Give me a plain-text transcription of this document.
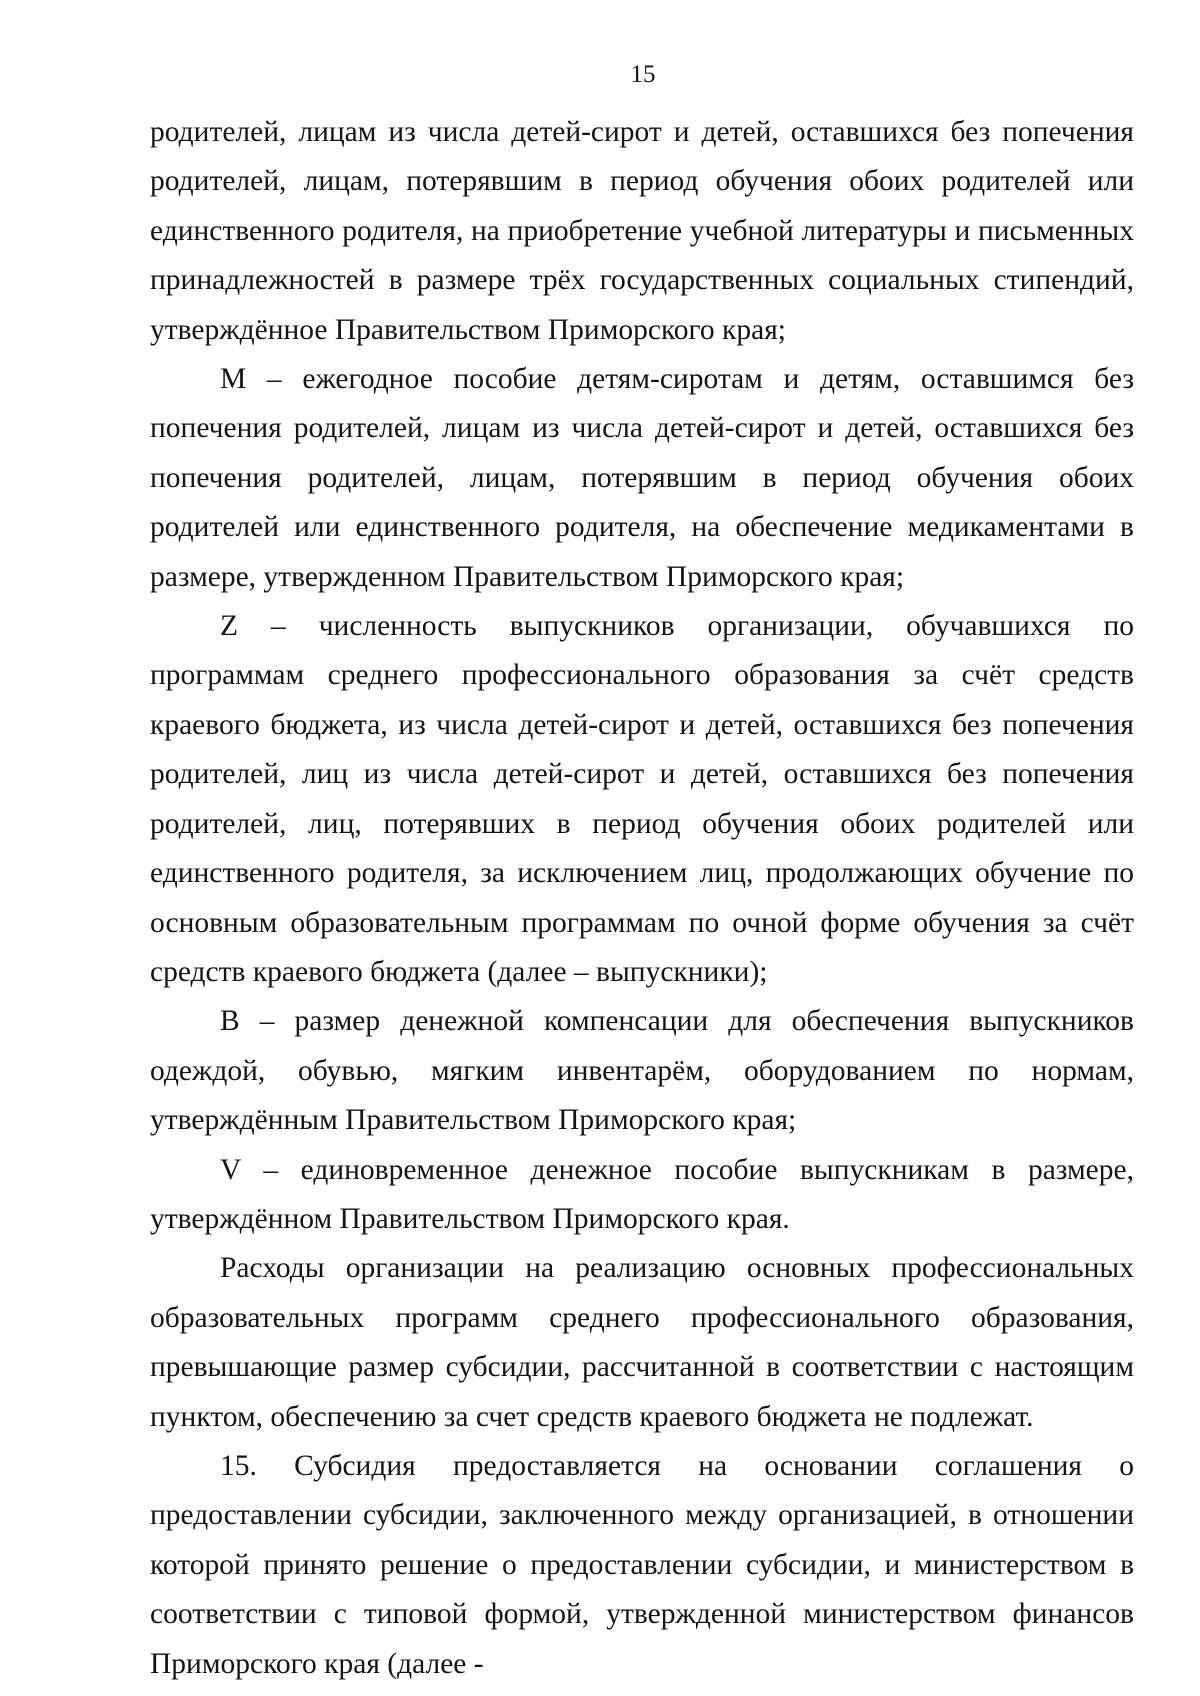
15

родителей, лицам из числа детей-сирот и детей, оставшихся без попечения родителей, лицам, потерявшим в период обучения обоих родителей или единственного родителя, на приобретение учебной литературы и письменных принадлежностей в размере трёх государственных социальных стипендий, утверждённое Правительством Приморского края;

М – ежегодное пособие детям-сиротам и детям, оставшимся без попечения родителей, лицам из числа детей-сирот и детей, оставшихся без попечения родителей, лицам, потерявшим в период обучения обоих родителей или единственного родителя, на обеспечение медикаментами в размере, утвержденном Правительством Приморского края;

Z – численность выпускников организации, обучавшихся по программам среднего профессионального образования за счёт средств краевого бюджета, из числа детей-сирот и детей, оставшихся без попечения родителей, лиц из числа детей-сирот и детей, оставшихся без попечения родителей, лиц, потерявших в период обучения обоих родителей или единственного родителя, за исключением лиц, продолжающих обучение по основным образовательным программам по очной форме обучения за счёт средств краевого бюджета (далее – выпускники);

В – размер денежной компенсации для обеспечения выпускников одеждой, обувью, мягким инвентарём, оборудованием по нормам, утверждённым Правительством Приморского края;

V – единовременное денежное пособие выпускникам в размере, утверждённом Правительством Приморского края.

Расходы организации на реализацию основных профессиональных образовательных программ среднего профессионального образования, превышающие размер субсидии, рассчитанной в соответствии с настоящим пунктом, обеспечению за счет средств краевого бюджета не подлежат.

15. Субсидия предоставляется на основании соглашения о предоставлении субсидии, заключенного между организацией, в отношении которой принято решение о предоставлении субсидии, и министерством в соответствии с типовой формой, утвержденной министерством финансов Приморского края (далее -
